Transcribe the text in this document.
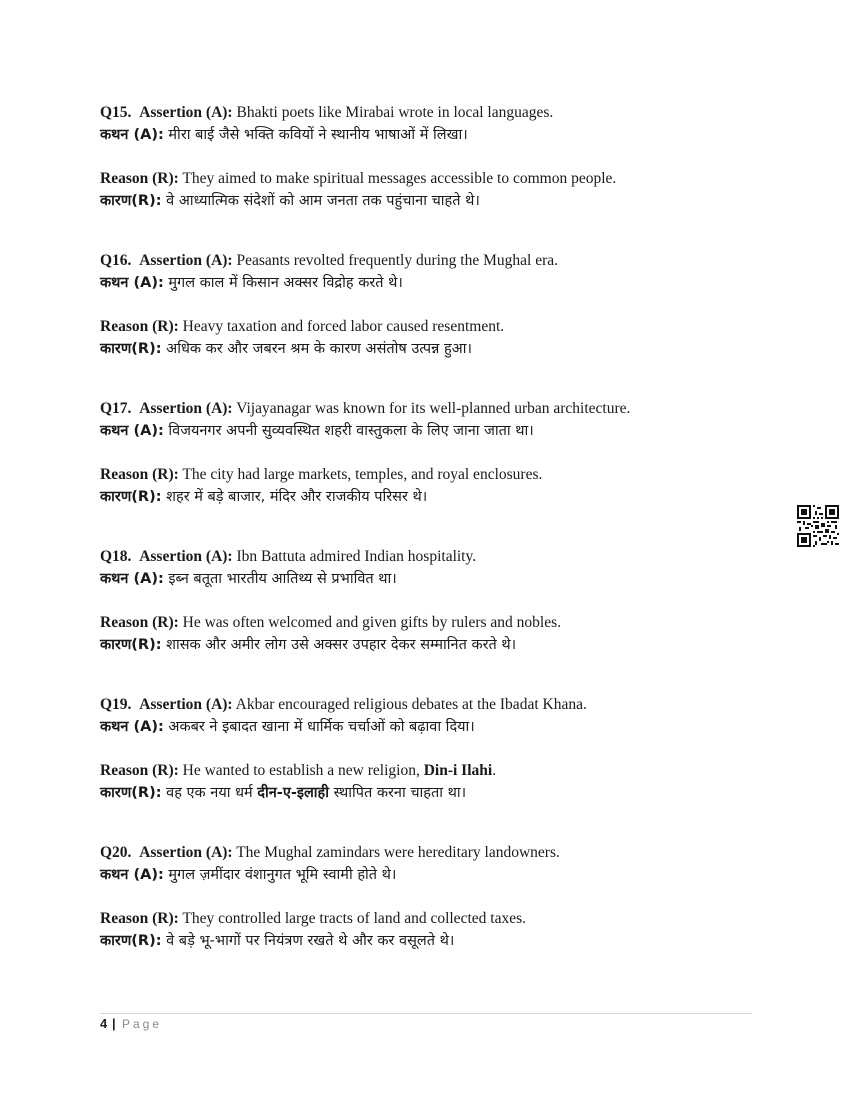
Q15. Assertion (A): Bhakti poets like Mirabai wrote in local languages.
कथन (A): मीरा बाई जैसे भक्ति कवियों ने स्थानीय भाषाओं में लिखा।
Reason (R): They aimed to make spiritual messages accessible to common people.
कारण(R): वे आध्यात्मिक संदेशों को आम जनता तक पहुंचाना चाहते थे।
Q16. Assertion (A): Peasants revolted frequently during the Mughal era.
कथन (A): मुगल काल में किसान अक्सर विद्रोह करते थे।
Reason (R): Heavy taxation and forced labor caused resentment.
कारण(R): अधिक कर और जबरन श्रम के कारण असंतोष उत्पन्न हुआ।
Q17. Assertion (A): Vijayanagar was known for its well-planned urban architecture.
कथन (A): विजयनगर अपनी सुव्यवस्थित शहरी वास्तुकला के लिए जाना जाता था।
Reason (R): The city had large markets, temples, and royal enclosures.
कारण(R): शहर में बड़े बाजार, मंदिर और राजकीय परिसर थे।
Q18. Assertion (A): Ibn Battuta admired Indian hospitality.
कथन (A): इब्न बतूता भारतीय आतिथ्य से प्रभावित था।
Reason (R): He was often welcomed and given gifts by rulers and nobles.
कारण(R): शासक और अमीर लोग उसे अक्सर उपहार देकर सम्मानित करते थे।
Q19. Assertion (A): Akbar encouraged religious debates at the Ibadat Khana.
कथन (A): अकबर ने इबादत खाना में धार्मिक चर्चाओं को बढ़ावा दिया।
Reason (R): He wanted to establish a new religion, Din-i Ilahi.
कारण(R): वह एक नया धर्म दीन-ए-इलाही स्थापित करना चाहता था।
Q20. Assertion (A): The Mughal zamindars were hereditary landowners.
कथन (A): मुगल ज़मींदार वंशानुगत भूमि स्वामी होते थे।
Reason (R): They controlled large tracts of land and collected taxes.
कारण(R): वे बड़े भू-भागों पर नियंत्रण रखते थे और कर वसूलते थे।
4 | Page
